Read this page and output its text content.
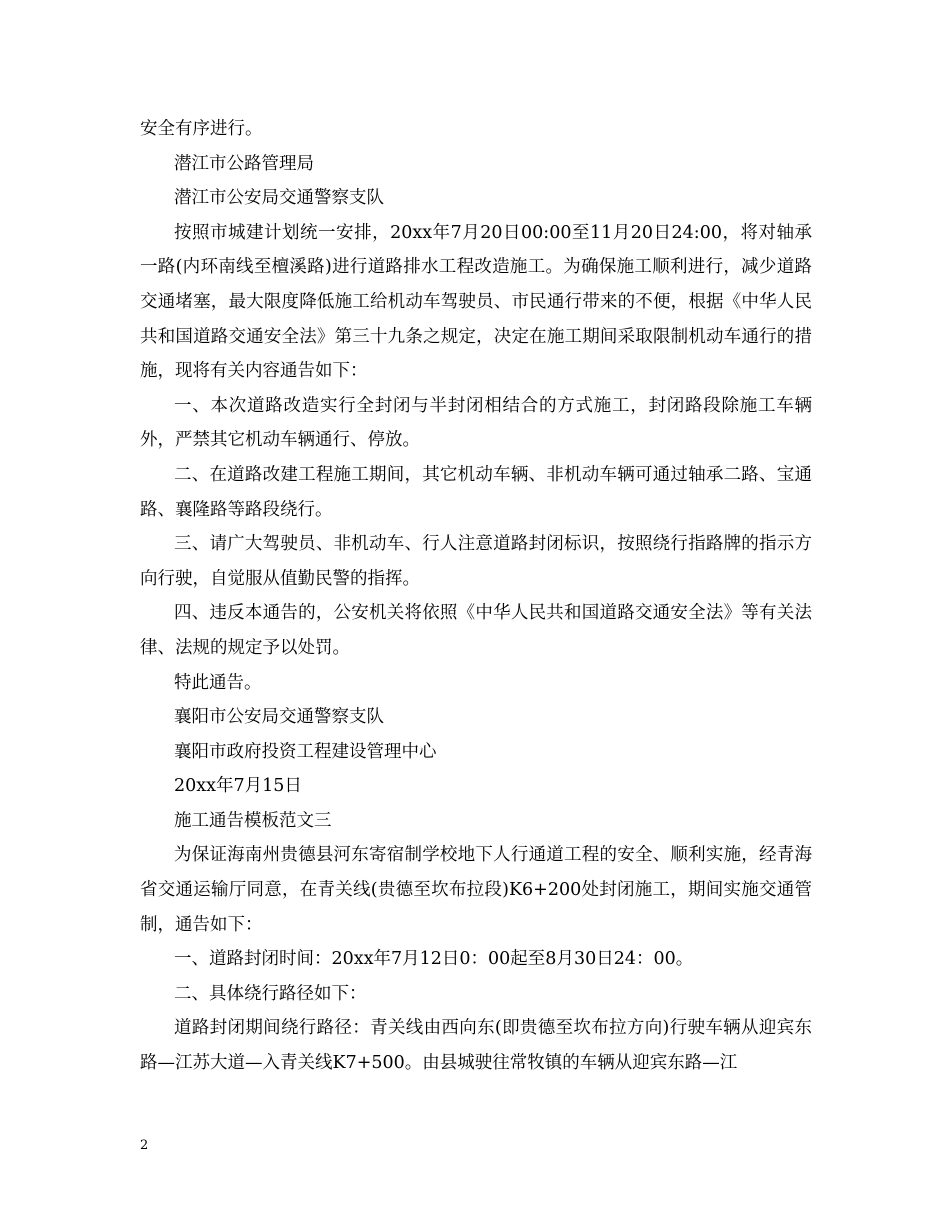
安全有序进行。

潜江市公路管理局

潜江市公安局交通警察支队

按照市城建计划统一安排，20xx年7月20日00:00至11月20日24:00，将对轴承一路(内环南线至檀溪路)进行道路排水工程改造施工。为确保施工顺利进行，减少道路交通堵塞，最大限度降低施工给机动车驾驶员、市民通行带来的不便，根据《中华人民共和国道路交通安全法》第三十九条之规定，决定在施工期间采取限制机动车通行的措施，现将有关内容通告如下：

一、本次道路改造实行全封闭与半封闭相结合的方式施工，封闭路段除施工车辆外，严禁其它机动车辆通行、停放。

二、在道路改建工程施工期间，其它机动车辆、非机动车辆可通过轴承二路、宝通路、襄隆路等路段绕行。

三、请广大驾驶员、非机动车、行人注意道路封闭标识，按照绕行指路牌的指示方向行驶，自觉服从值勤民警的指挥。

四、违反本通告的，公安机关将依照《中华人民共和国道路交通安全法》等有关法律、法规的规定予以处罚。

特此通告。

襄阳市公安局交通警察支队

襄阳市政府投资工程建设管理中心

20xx年7月15日

施工通告模板范文三

为保证海南州贵德县河东寄宿制学校地下人行通道工程的安全、顺利实施，经青海省交通运输厅同意，在青关线(贵德至坎布拉段)K6+200处封闭施工，期间实施交通管制，通告如下：

一、道路封闭时间：20xx年7月12日0：00起至8月30日24：00。

二、具体绕行路径如下：

道路封闭期间绕行路径：青关线由西向东(即贵德至坎布拉方向)行驶车辆从迎宾东路—江苏大道—入青关线K7+500。由县城驶往常牧镇的车辆从迎宾东路—江

2
